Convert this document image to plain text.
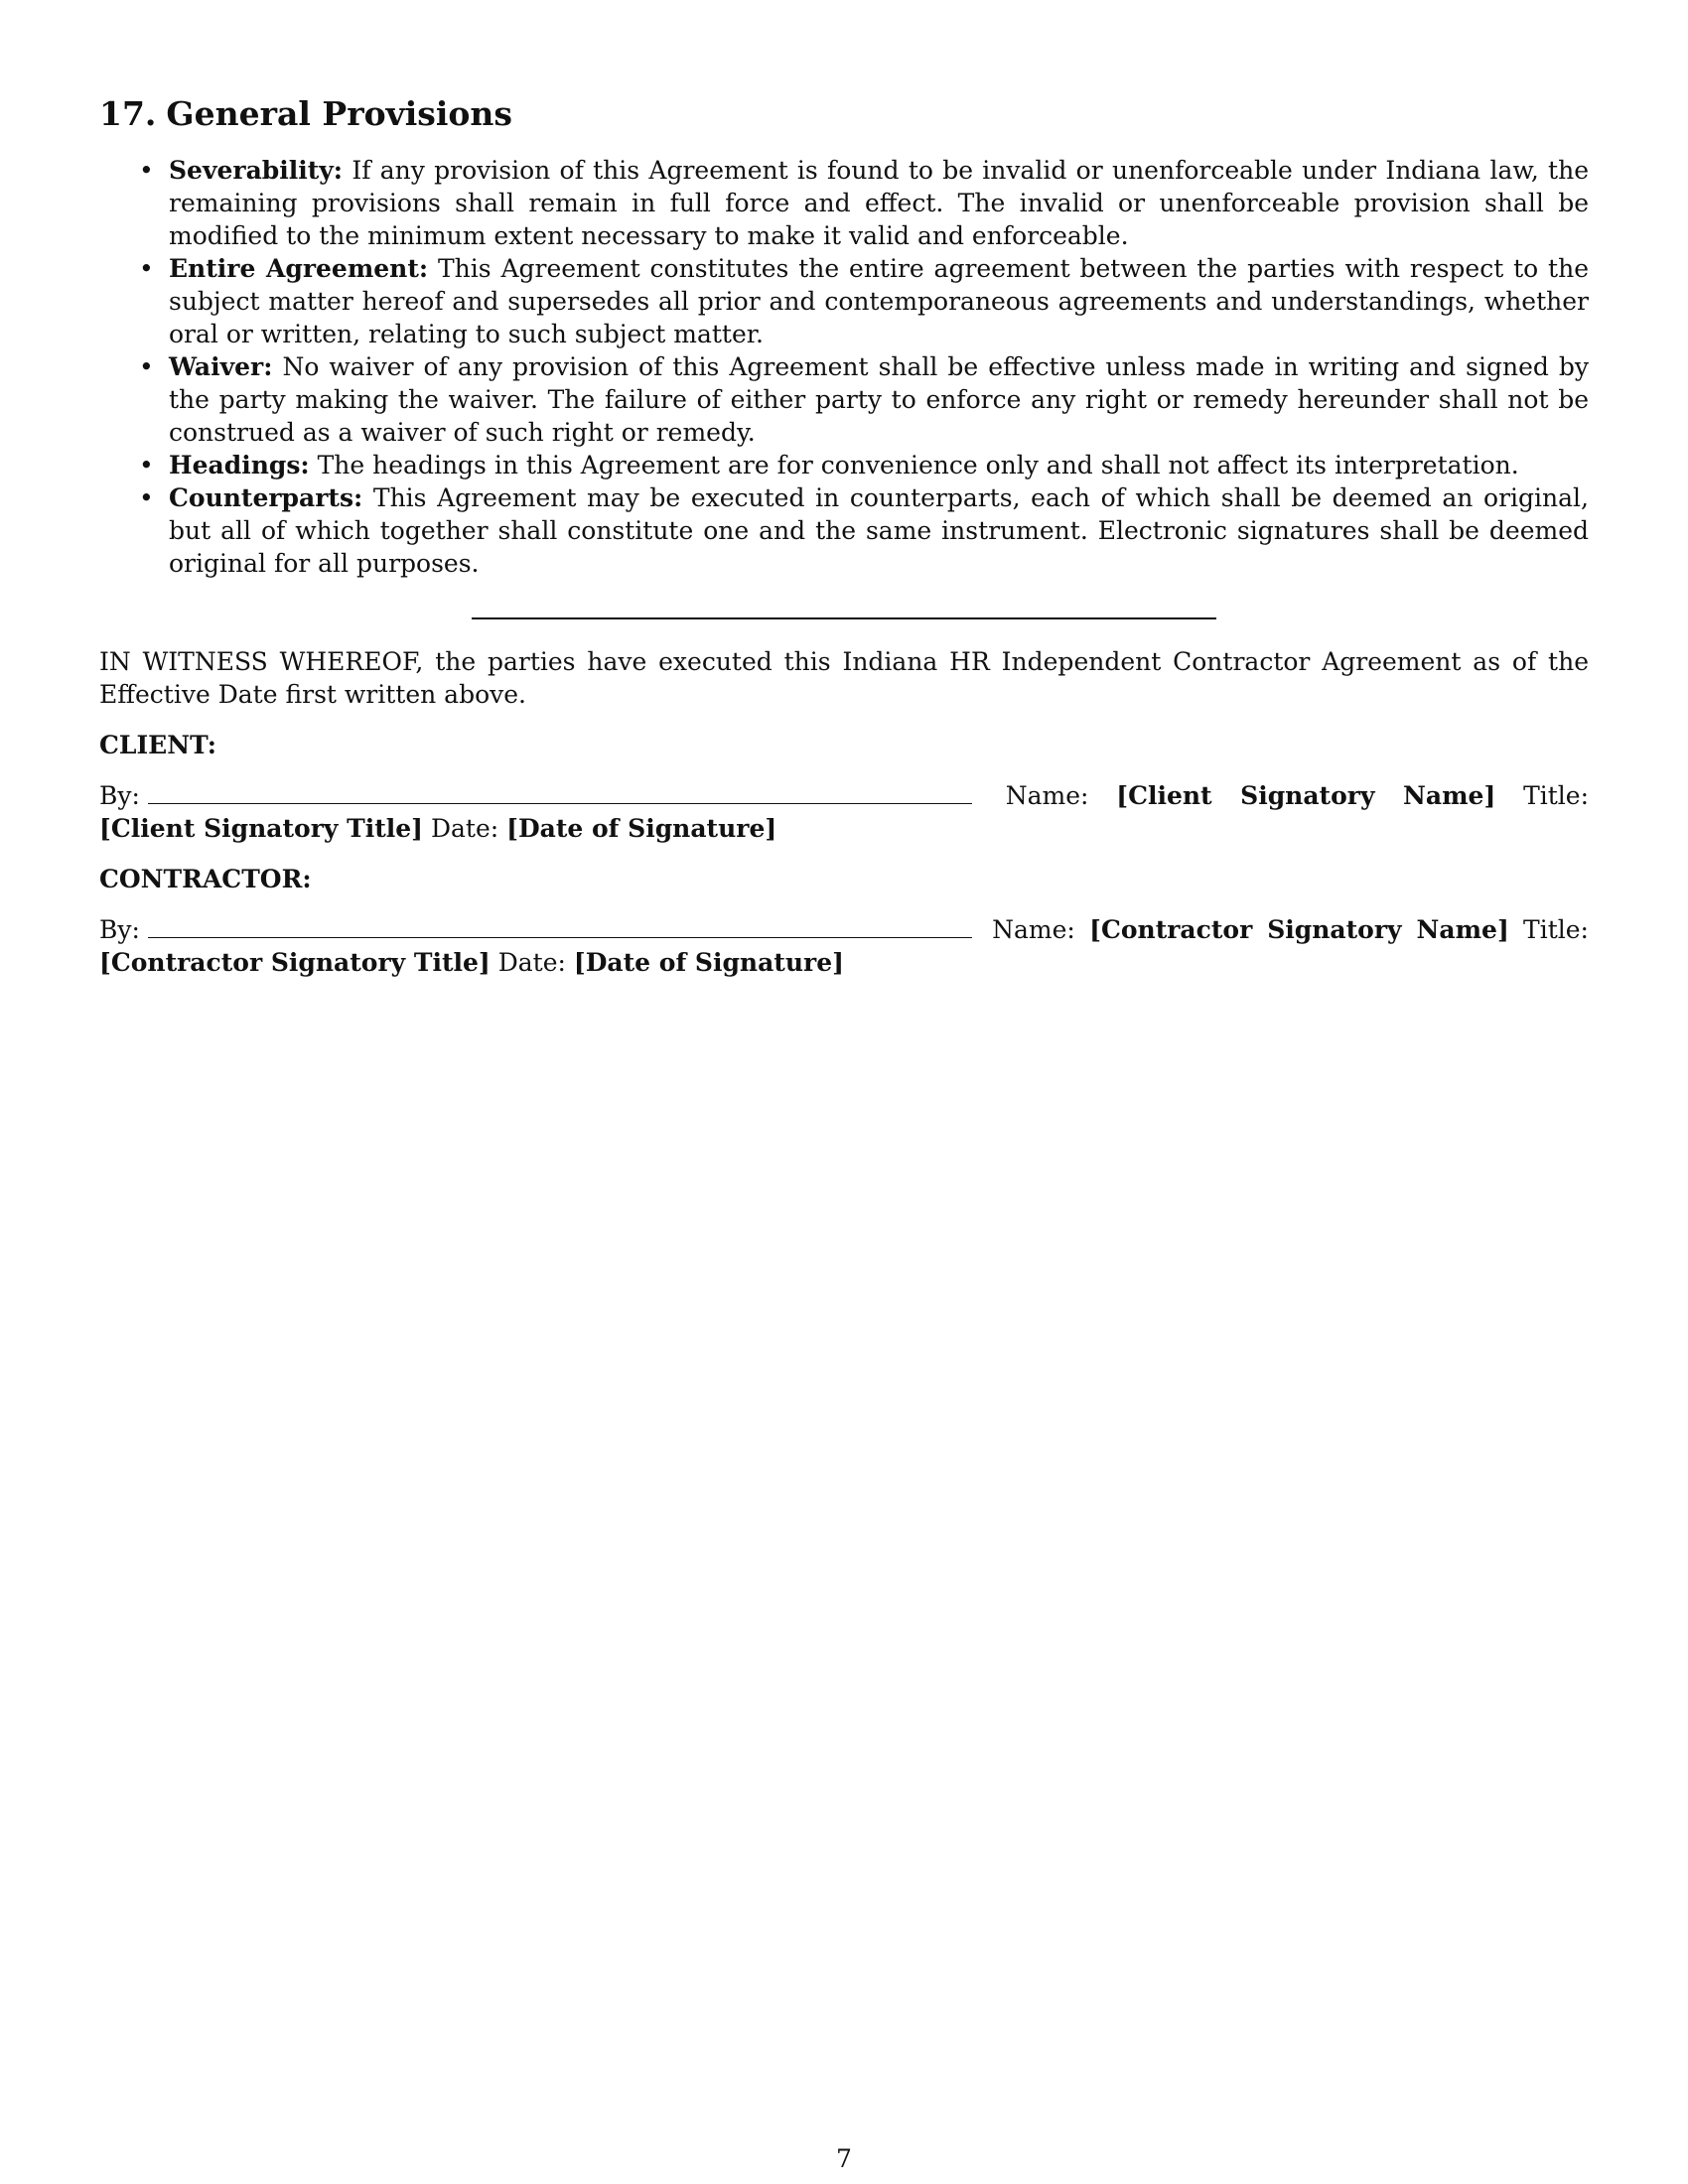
17. General Provisions
• Severability: If any provision of this Agreement is found to be invalid or unenforceable under Indiana law, the remaining provisions shall remain in full force and effect. The invalid or unenforceable provision shall be modified to the minimum extent necessary to make it valid and enforceable.
• Entire Agreement: This Agreement constitutes the entire agreement between the parties with respect to the subject matter hereof and supersedes all prior and contemporaneous agreements and understandings, whether oral or written, relating to such subject matter.
• Waiver: No waiver of any provision of this Agreement shall be effective unless made in writing and signed by the party making the waiver. The failure of either party to enforce any right or remedy hereunder shall not be construed as a waiver of such right or remedy.
• Headings: The headings in this Agreement are for convenience only and shall not affect its interpretation.
• Counterparts: This Agreement may be executed in counterparts, each of which shall be deemed an original, but all of which together shall constitute one and the same instrument. Electronic signatures shall be deemed original for all purposes.

IN WITNESS WHEREOF, the parties have executed this Indiana HR Independent Contractor Agreement as of the Effective Date first written above.

CLIENT:
By:	Name: [Client Signatory Name] Title: [Client Signatory Title] Date: [Date of Signature]
CONTRACTOR:
By:	Name: [Contractor Signatory Name] Title: [Contractor Signatory Title] Date: [Date of Signature]
7
